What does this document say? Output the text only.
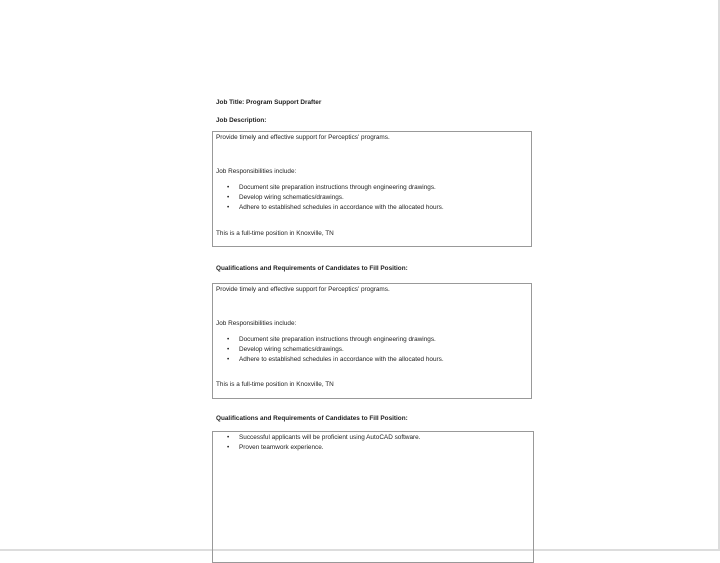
Job Title: Program Support Drafter
Job Description:
Provide timely and effective support for Perceptics' programs.
Job Responsibilities include:
• Document site preparation instructions through engineering drawings.
• Develop wiring schematics/drawings.
• Adhere to established schedules in accordance with the allocated hours.
This is a full-time position in Knoxville, TN
Qualifications and Requirements of Candidates to Fill Position:
Provide timely and effective support for Perceptics' programs.
Job Responsibilities include:
• Document site preparation instructions through engineering drawings.
• Develop wiring schematics/drawings.
• Adhere to established schedules in accordance with the allocated hours.
This is a full-time position in Knoxville, TN
Qualifications and Requirements of Candidates to Fill Position:
• Successful applicants will be proficient using AutoCAD software.
• Proven teamwork experience.
